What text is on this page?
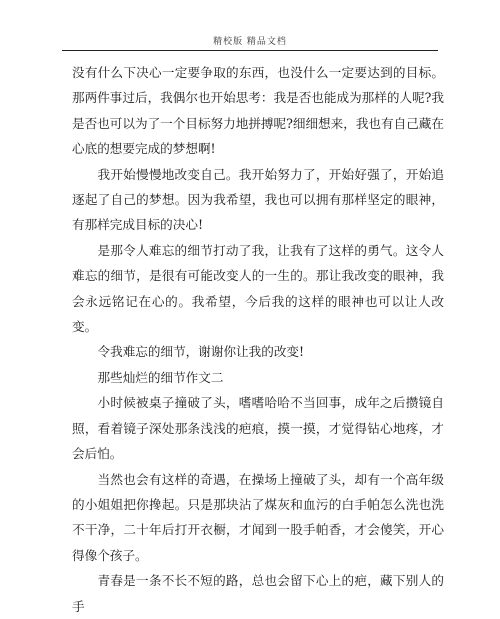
精校版 精品文档

没有什么下决心一定要争取的东西，也没什么一定要达到的目标。那两件事过后，我偶尔也开始思考：我是否也能成为那样的人呢?我是否也可以为了一个目标努力地拼搏呢?细细想来，我也有自己藏在心底的想要完成的梦想啊!

我开始慢慢地改变自己。我开始努力了，开始好强了，开始追逐起了自己的梦想。因为我希望，我也可以拥有那样坚定的眼神，有那样完成目标的决心!

是那令人难忘的细节打动了我，让我有了这样的勇气。这令人难忘的细节，是很有可能改变人的一生的。那让我改变的眼神，我会永远铭记在心的。我希望，今后我的这样的眼神也可以让人改变。

令我难忘的细节，谢谢你让我的改变!

那些灿烂的细节作文二

小时候被桌子撞破了头，嗜嗜哈哈不当回事，成年之后攒镜自照，看着镜子深处那条浅浅的疤痕，摸一摸，才觉得钻心地疼，才会后怕。

当然也会有这样的奇遇，在操场上撞破了头，却有一个高年级的小姐姐把你搀起。只是那块沾了煤灰和血污的白手帕怎么洗也洗不干净，二十年后打开衣橱，才闻到一股手帕香，才会傻笑，开心得像个孩子。

青春是一条不长不短的路，总也会留下心上的疤，藏下别人的手
